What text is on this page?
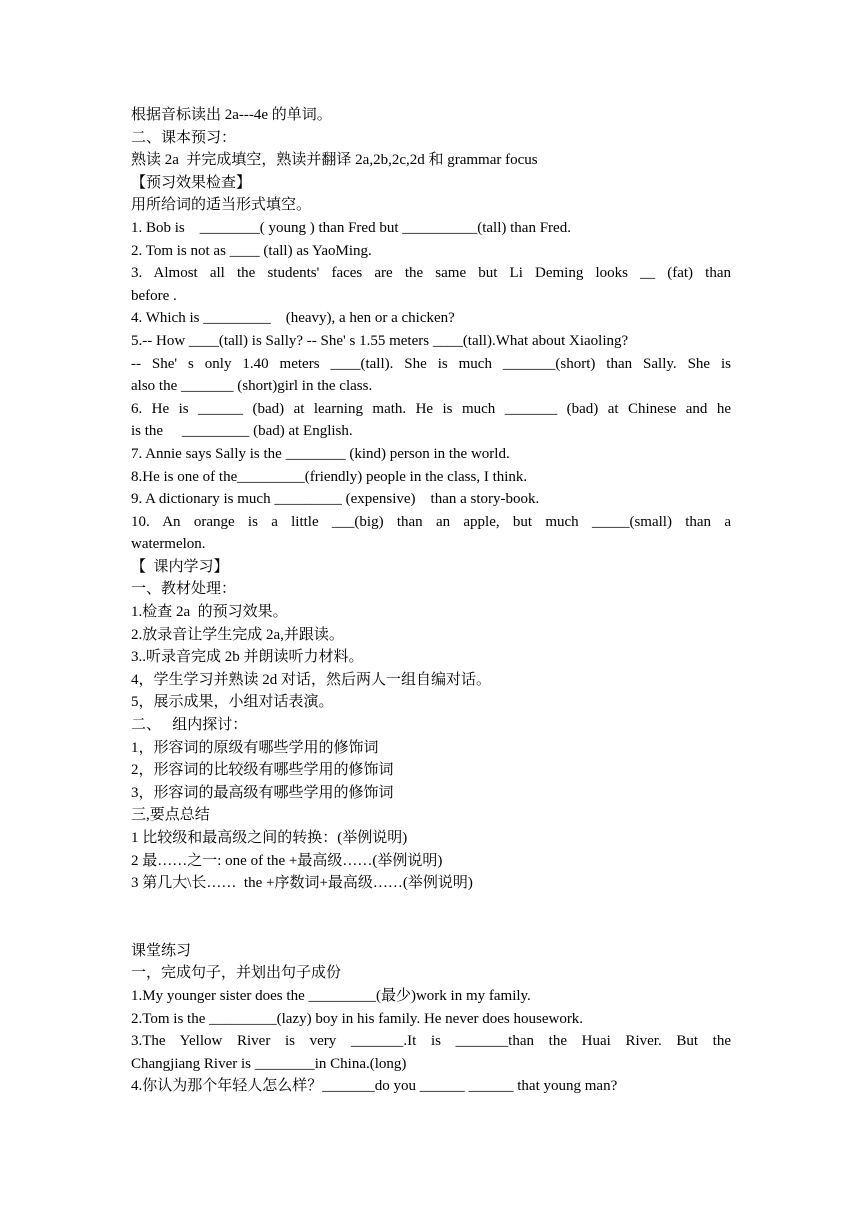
根据音标读出 2a---4e 的单词。

二、课本预习：

熟读 2a  并完成填空，熟读并翻译 2a,2b,2c,2d 和 grammar focus

【预习效果检查】

用所给词的适当形式填空。

1. Bob is    ________( young ) than Fred but __________(tall) than Fred.

2. Tom is not as ____ (tall) as YaoMing.

3. Almost all the students' faces are the same but Li Deming looks __ (fat) than

before .

4. Which is _________    (heavy), a hen or a chicken?

5.-- How ____(tall) is Sally? -- She' s 1.55 meters ____(tall).What about Xiaoling?

-- She' s only 1.40 meters ____(tall). She is much _______(short) than Sally. She is

also the _______ (short)girl in the class.

6. He is ______ (bad) at learning math. He is much _______ (bad) at Chinese and he

is the     _________ (bad) at English.

7. Annie says Sally is the ________ (kind) person in the world.

8.He is one of the_________(friendly) people in the class, I think.

9. A dictionary is much _________ (expensive)    than a story-book.

10. An orange is a little ___(big) than an apple, but much _____(small) than a

watermelon.

【  课内学习】

一、教材处理：

1.检查 2a  的预习效果。

2.放录音让学生完成 2a,并跟读。

3..听录音完成 2b 并朗读听力材料。

4，学生学习并熟读 2d 对话，然后两人一组自编对话。

5，展示成果，小组对话表演。

二、   组内探讨：

1，形容词的原级有哪些学用的修饰词

2，形容词的比较级有哪些学用的修饰词

3，形容词的最高级有哪些学用的修饰词

三,要点总结

1 比较级和最高级之间的转换：(举例说明)

2 最……之一: one of the +最高级……(举例说明)

3 第几大\长……  the +序数词+最高级……(举例说明)

课堂练习

一，完成句子，并划出句子成份

1.My younger sister does the _________(最少)work in my family.

2.Tom is the _________(lazy) boy in his family. He never does housework.

3.The Yellow River is very _______.It is _______than the Huai River. But the

Changjiang River is ________in China.(long)

4.你认为那个年轻人怎么样？_______do you ______ ______ that young man?
